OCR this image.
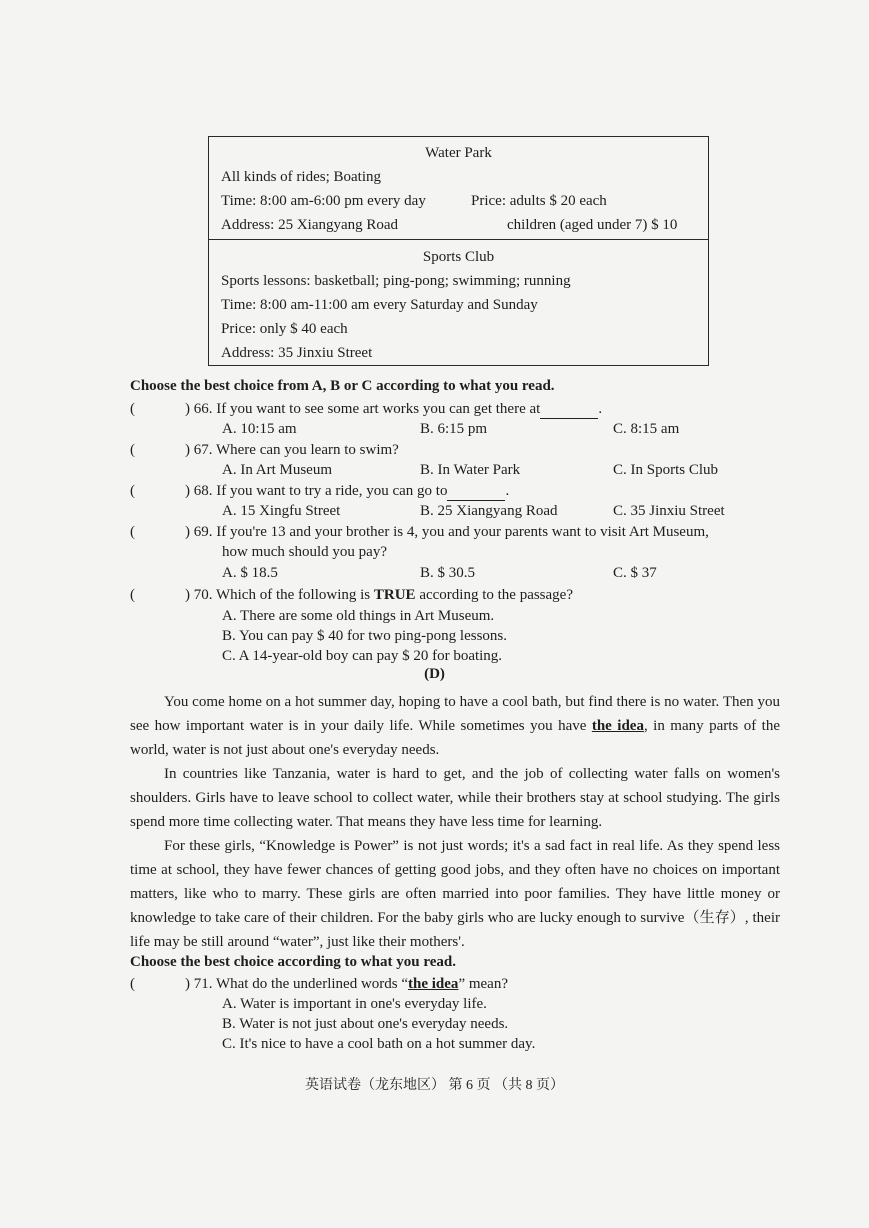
Water Park
All kinds of rides; Boating
Time: 8:00 am-6:00 pm every day	Price: adults $ 20 each
Address: 25 Xiangyang Road	children (aged under 7) $ 10
Sports Club
Sports lessons: basketball; ping-pong; swimming; running
Time: 8:00 am-11:00 am every Saturday and Sunday
Price: only $ 40 each
Address: 35 Jinxiu Street
Choose the best choice from A, B or C according to what you read.
(	) 66. If you want to see some art works you can get there at	.
A. 10:15 am	B. 6:15 pm	C. 8:15 am
(	) 67. Where can you learn to swim?
A. In Art Museum	B. In Water Park	C. In Sports Club
(	) 68. If you want to try a ride, you can go to	.
A. 15 Xingfu Street	B. 25 Xiangyang Road	C. 35 Jinxiu Street
(	) 69. If you're 13 and your brother is 4, you and your parents want to visit Art Museum,
how much should you pay?
A. $ 18.5	B. $ 30.5	C. $ 37
(	) 70. Which of the following is TRUE according to the passage?
A. There are some old things in Art Museum.
B. You can pay $ 40 for two ping-pong lessons.
C. A 14-year-old boy can pay $ 20 for boating.
(D)

You come home on a hot summer day, hoping to have a cool bath, but find there is no water. Then you see how important water is in your daily life. While sometimes you have the idea, in many parts of the world, water is not just about one's everyday needs.

In countries like Tanzania, water is hard to get, and the job of collecting water falls on women's shoulders. Girls have to leave school to collect water, while their brothers stay at school studying. The girls spend more time collecting water. That means they have less time for learning.

For these girls, “Knowledge is Power” is not just words; it's a sad fact in real life. As they spend less time at school, they have fewer chances of getting good jobs, and they often have no choices on important matters, like who to marry. These girls are often married into poor families. They have little money or knowledge to take care of their children. For the baby girls who are lucky enough to survive（生存）, their life may be still around “water”, just like their mothers'.

Choose the best choice according to what you read.
(	) 71. What do the underlined words “the idea” mean?
A. Water is important in one's everyday life.
B. Water is not just about one's everyday needs.
C. It's nice to have a cool bath on a hot summer day.
英语试卷（龙东地区） 第 6 页 （共 8 页）
